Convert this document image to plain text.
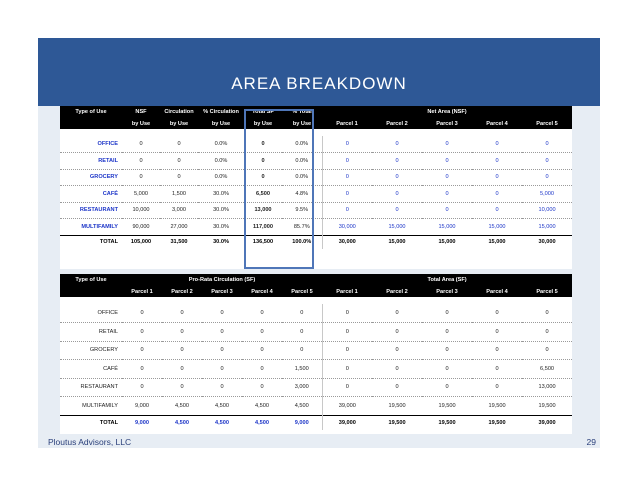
AREA BREAKDOWN
Type of Use	NSF	Circulation	% Circulation	Total SF	% Total	Net Area (NSF)				
	by Use	by Use	by Use	by Use	by Use	Parcel 1	Parcel 2	Parcel 3	Parcel 4	Parcel 5

OFFICE	0	0	0.0%	0	0.0%	0	0	0	0	0
RETAIL	0	0	0.0%	0	0.0%	0	0	0	0	0
GROCERY	0	0	0.0%	0	0.0%	0	0	0	0	0
CAFÉ	5,000	1,500	30.0%	6,500	4.8%	0	0	0	0	5,000
RESTAURANT	10,000	3,000	30.0%	13,000	9.5%	0	0	0	0	10,000
MULTIFAMILY	90,000	27,000	30.0%	117,000	85.7%	30,000	15,000	15,000	15,000	15,000
TOTAL	105,000	31,500	30.0%	136,500	100.0%	30,000	15,000	15,000	15,000	30,000
Type of Use	Pro-Rata Circulation (SF)					Total Area (SF)				
	Parcel 1	Parcel 2	Parcel 3	Parcel 4	Parcel 5	Parcel 1	Parcel 2	Parcel 3	Parcel 4	Parcel 5

OFFICE	0	0	0	0	0	0	0	0	0	0
RETAIL	0	0	0	0	0	0	0	0	0	0
GROCERY	0	0	0	0	0	0	0	0	0	0
CAFÉ	0	0	0	0	1,500	0	0	0	0	6,500
RESTAURANT	0	0	0	0	3,000	0	0	0	0	13,000
MULTIFAMILY	9,000	4,500	4,500	4,500	4,500	39,000	19,500	19,500	19,500	19,500
TOTAL	9,000	4,500	4,500	4,500	9,000	39,000	19,500	19,500	19,500	39,000
Ploutus Advisors, LLC	29
